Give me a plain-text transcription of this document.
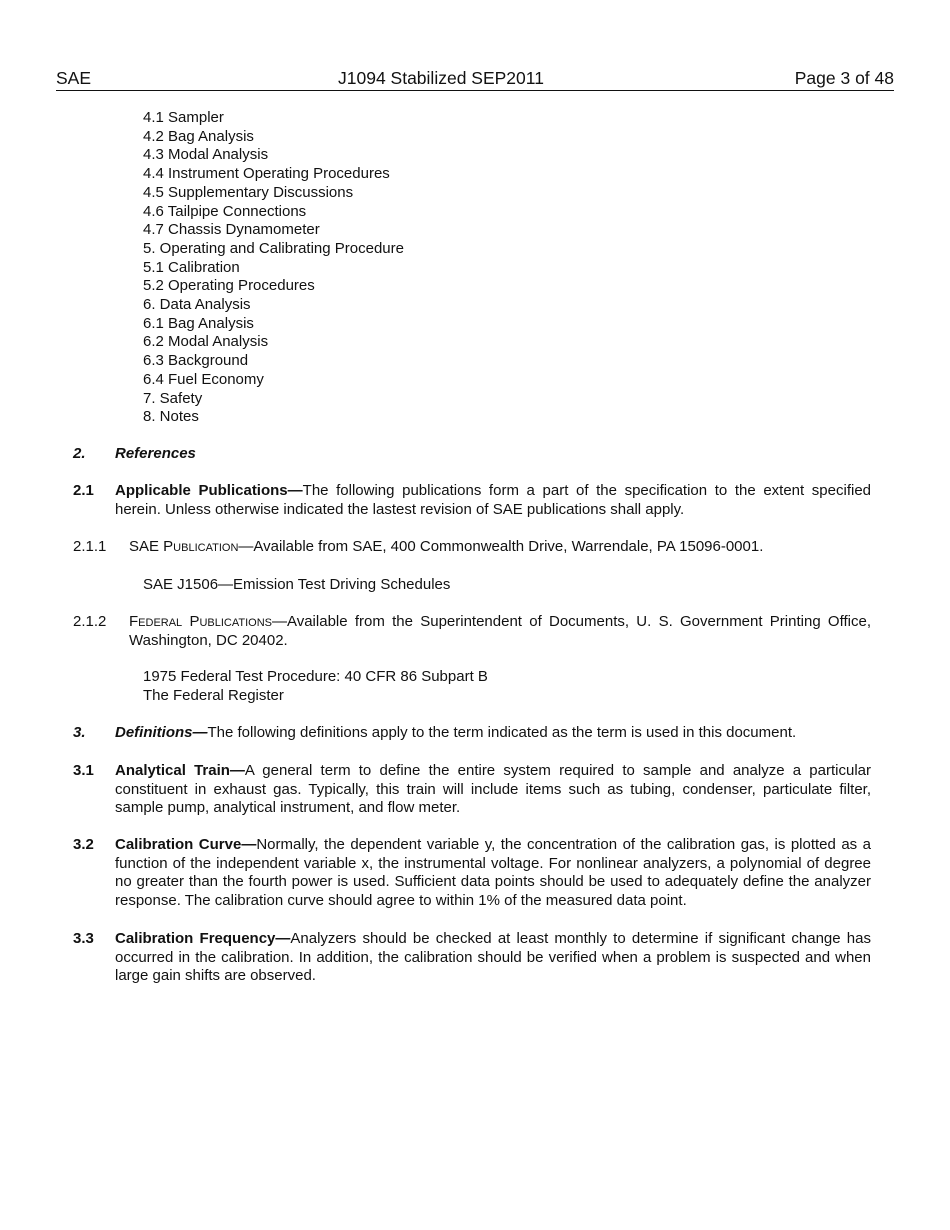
SAE	J1094 Stabilized SEP2011	Page 3 of 48
4.1 Sampler
4.2 Bag Analysis
4.3 Modal Analysis
4.4 Instrument Operating Procedures
4.5 Supplementary Discussions
4.6 Tailpipe Connections
4.7 Chassis Dynamometer
5. Operating and Calibrating Procedure
5.1 Calibration
5.2 Operating Procedures
6. Data Analysis
6.1 Bag Analysis
6.2 Modal Analysis
6.3 Background
6.4 Fuel Economy
7. Safety
8. Notes
2. References
2.1 Applicable Publications—The following publications form a part of the specification to the extent specified herein. Unless otherwise indicated the lastest revision of SAE publications shall apply.
2.1.1 SAE Publication—Available from SAE, 400 Commonwealth Drive, Warrendale, PA 15096-0001.
SAE J1506—Emission Test Driving Schedules
2.1.2 Federal Publications—Available from the Superintendent of Documents, U. S. Government Printing Office, Washington, DC 20402.
1975 Federal Test Procedure: 40 CFR 86 Subpart B
The Federal Register
3. Definitions—The following definitions apply to the term indicated as the term is used in this document.
3.1 Analytical Train—A general term to define the entire system required to sample and analyze a particular constituent in exhaust gas. Typically, this train will include items such as tubing, condenser, particulate filter, sample pump, analytical instrument, and flow meter.
3.2 Calibration Curve—Normally, the dependent variable y, the concentration of the calibration gas, is plotted as a function of the independent variable x, the instrumental voltage. For nonlinear analyzers, a polynomial of degree no greater than the fourth power is used. Sufficient data points should be used to adequately define the analyzer response. The calibration curve should agree to within 1% of the measured data point.
3.3 Calibration Frequency—Analyzers should be checked at least monthly to determine if significant change has occurred in the calibration. In addition, the calibration should be verified when a problem is suspected and when large gain shifts are observed.
